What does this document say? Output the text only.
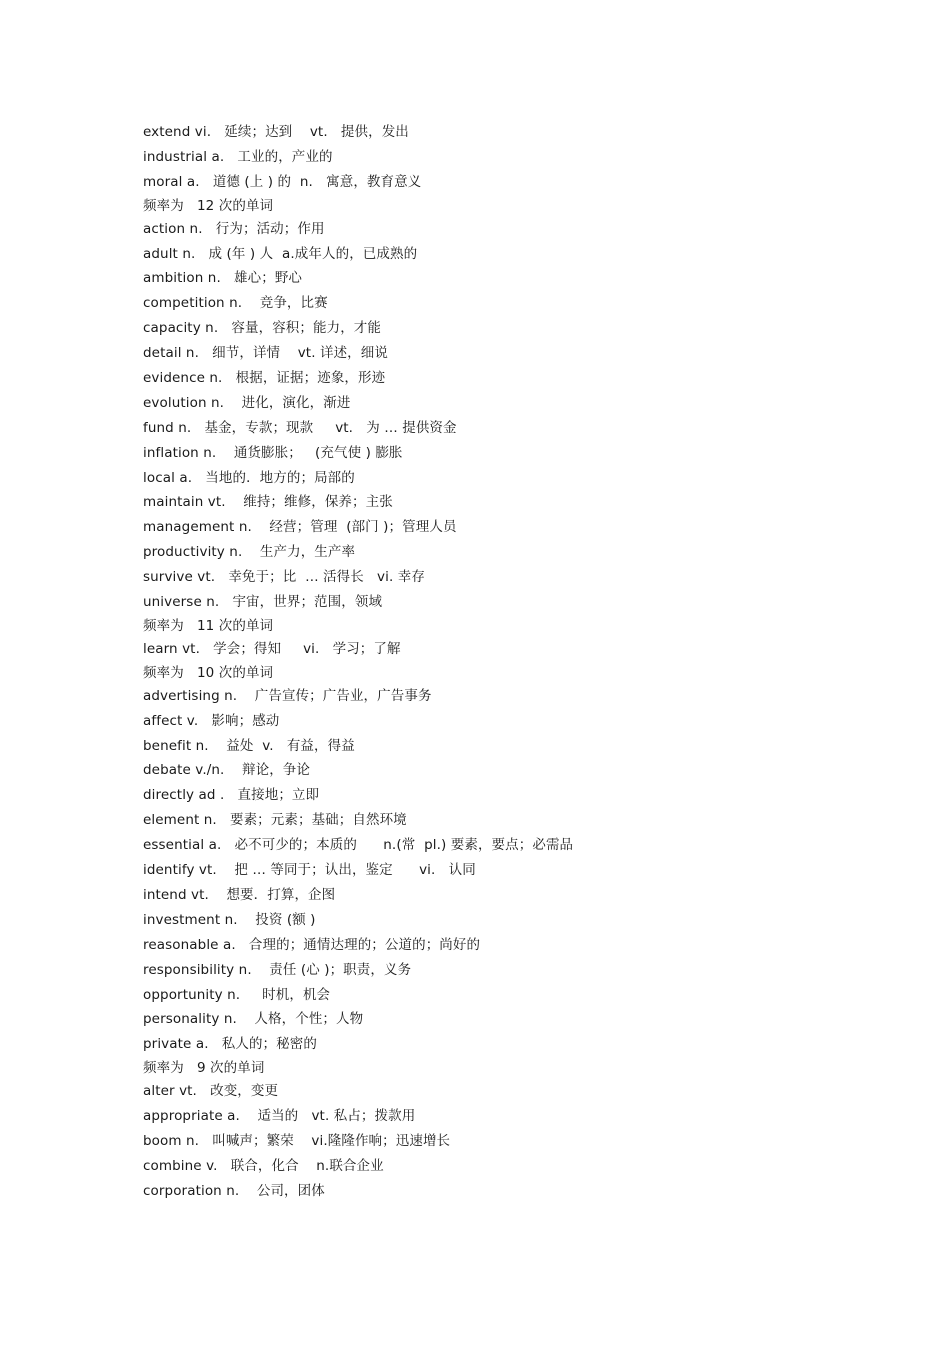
extend vi.   延续；达到    vt.   提供，发出
industrial a.   工业的，产业的
moral a.   道德 (上 ) 的  n.   寓意，教育意义
频率为   12 次的单词
action n.   行为；活动；作用
adult n.   成 (年 ) 人  a.成年人的，已成熟的
ambition n.   雄心；野心
competition n.    竞争，比赛
capacity n.   容量，容积；能力，才能
detail n.   细节，详情    vt. 详述，细说
evidence n.   根据，证据；迹象，形迹
evolution n.    进化，演化，渐进
fund n.   基金，专款；现款     vt.   为 … 提供资金
inflation n.    通货膨胀；   (充气使 ) 膨胀
local a.   当地的．地方的；局部的
maintain vt.    维持；维修，保养；主张
management n.    经营；管理  (部门 )；管理人员
productivity n.    生产力，生产率
survive vt.   幸免于；比  … 活得长   vi. 幸存
universe n.   宇宙，世界；范围，领域
频率为   11 次的单词
learn vt.   学会；得知     vi.   学习；了解
频率为   10 次的单词
advertising n.    广告宣传；广告业，广告事务
affect v.   影响；感动
benefit n.    益处  v.   有益，得益
debate v./n.    辩论，争论
directly ad .   直接地；立即
element n.   要素；元素；基础；自然环境
essential a.   必不可少的；本质的      n.(常  pl.) 要素，要点；必需品
identify vt.    把 … 等同于；认出，鉴定      vi.   认同
intend vt.    想要．打算，企图
investment n.    投资 (额 )
reasonable a.   合理的；通情达理的；公道的；尚好的
responsibility n.    责任 (心 )；职责，义务
opportunity n.     时机，机会
personality n.    人格，个性；人物
private a.   私人的；秘密的
频率为   9 次的单词
alter vt.   改变，变更
appropriate a.    适当的   vt. 私占；拨款用
boom n.   叫喊声；繁荣    vi.隆隆作响；迅速增长
combine v.   联合，化合    n.联合企业
corporation n.    公司，团体
